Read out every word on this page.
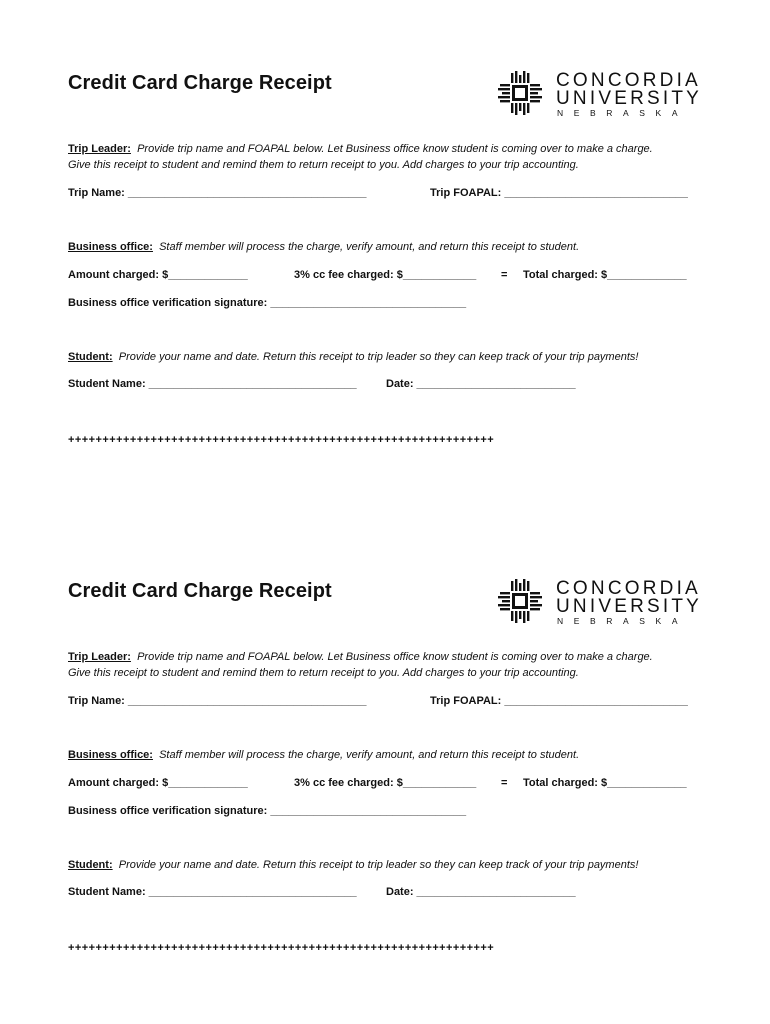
Credit Card Charge Receipt	CONCORDIA
UNIVERSITY
NEBRASKA
Trip Leader: Provide trip name and FOAPAL below. Let Business office know student is coming over to make a charge.
Give this receipt to student and remind them to return receipt to you. Add charges to your trip accounting.
Trip Name: _______________________________________	Trip FOAPAL: ______________________________
Business office: Staff member will process the charge, verify amount, and return this receipt to student.
Amount charged: $_____________	3% cc fee charged: $____________ = Total charged: $_____________
Business office verification signature: ________________________________
Student: Provide your name and date. Return this receipt to trip leader so they can keep track of your trip payments!
Student Name: __________________________________	Date: __________________________
++++++++++++++++++++++++++++++++++++++++++++++++++++++++++++++
Credit Card Charge Receipt	CONCORDIA
UNIVERSITY
NEBRASKA
Trip Leader: Provide trip name and FOAPAL below. Let Business office know student is coming over to make a charge.
Give this receipt to student and remind them to return receipt to you. Add charges to your trip accounting.
Trip Name: _______________________________________	Trip FOAPAL: ______________________________
Business office: Staff member will process the charge, verify amount, and return this receipt to student.
Amount charged: $_____________	3% cc fee charged: $____________ = Total charged: $_____________
Business office verification signature: ________________________________
Student: Provide your name and date. Return this receipt to trip leader so they can keep track of your trip payments!
Student Name: __________________________________	Date: __________________________
++++++++++++++++++++++++++++++++++++++++++++++++++++++++++++++
